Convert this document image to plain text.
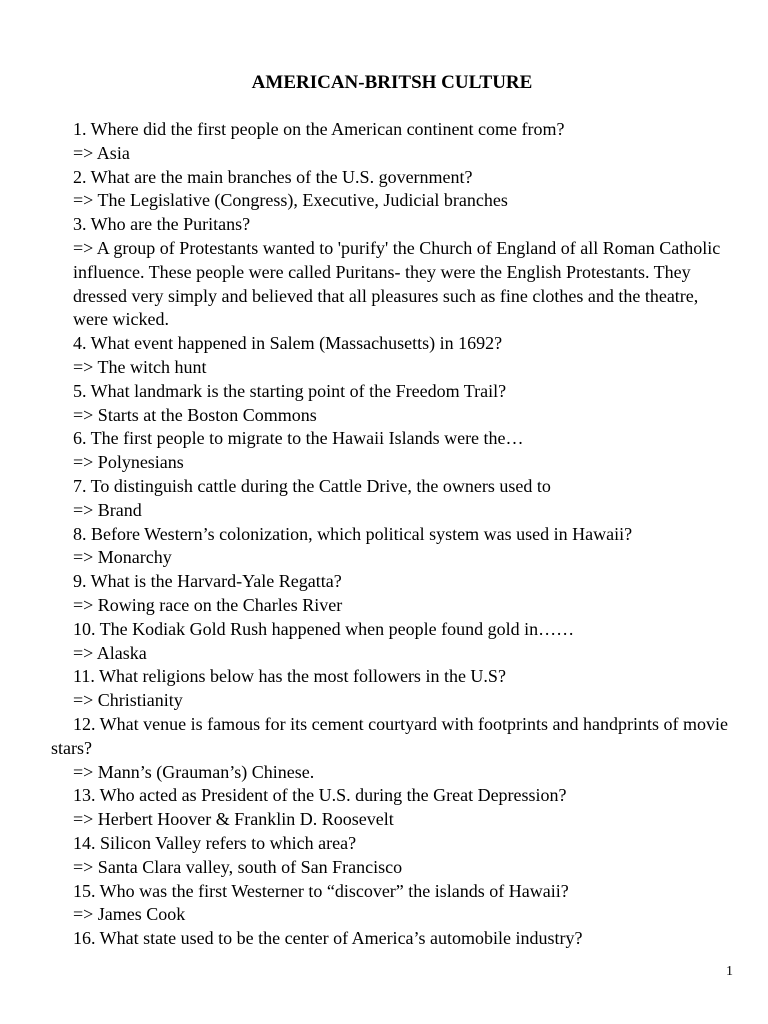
AMERICAN-BRITSH CULTURE
1. Where did the first people on the American continent come from?
=> Asia
2. What are the main branches of the U.S. government?
=> The Legislative (Congress), Executive, Judicial branches
3. Who are the Puritans?
=> A group of Protestants wanted to 'purify' the Church of England of all Roman Catholic influence. These people were called Puritans- they were the English Protestants. They dressed very simply and believed that all pleasures such as fine clothes and the theatre, were wicked.
4. What event happened in Salem (Massachusetts) in 1692?
=> The witch hunt
5. What landmark is the starting point of the Freedom Trail?
=> Starts at the Boston Commons
6. The first people to migrate to the Hawaii Islands were the…
=> Polynesians
7. To distinguish cattle during the Cattle Drive, the owners used to
=> Brand
8. Before Western’s colonization, which political system was used in Hawaii?
=> Monarchy
9. What is the Harvard-Yale Regatta?
=> Rowing race on the Charles River
10. The Kodiak Gold Rush happened when people found gold in……
=> Alaska
11. What religions below has the most followers in the U.S?
=> Christianity
12. What venue is famous for its cement courtyard with footprints and handprints of movie stars?
=> Mann’s (Grauman’s) Chinese.
13. Who acted as President of the U.S. during the Great Depression?
=> Herbert Hoover & Franklin D. Roosevelt
14. Silicon Valley refers to which area?
=> Santa Clara valley, south of San Francisco
15. Who was the first Westerner to “discover” the islands of Hawaii?
=> James Cook
16. What state used to be the center of America’s automobile industry?
1
